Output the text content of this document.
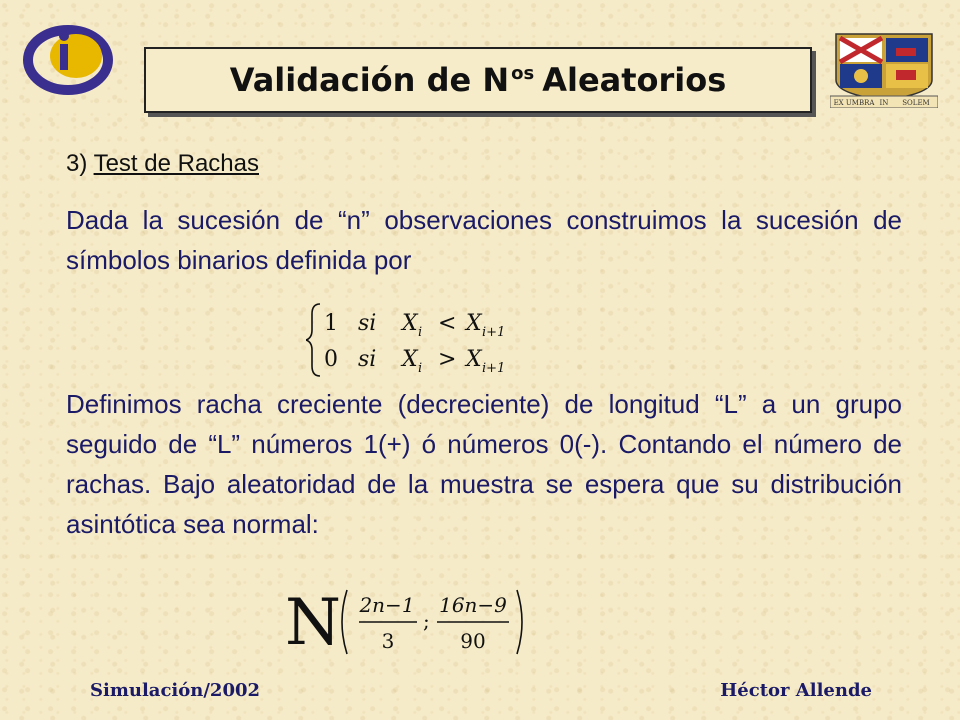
Validación de N $^{os}$ Aleatorios
EX UMBRA IN SOLEM
3) Test de Rachas
Dada la sucesión de “n” observaciones construimos la sucesión de símbolos binarios definida por
1 si X i < X i+1
0 si X i > X i+1
Definimos racha creciente (decreciente) de longitud “L” a un grupo seguido de “L” números 1(+) ó números 0(-). Contando el número de rachas. Bajo aleatoridad de la muestra se espera que su distribución asintótica sea normal:
N 2n−1
3
;
16n−9
90
Simulación/2002	Héctor Allende
